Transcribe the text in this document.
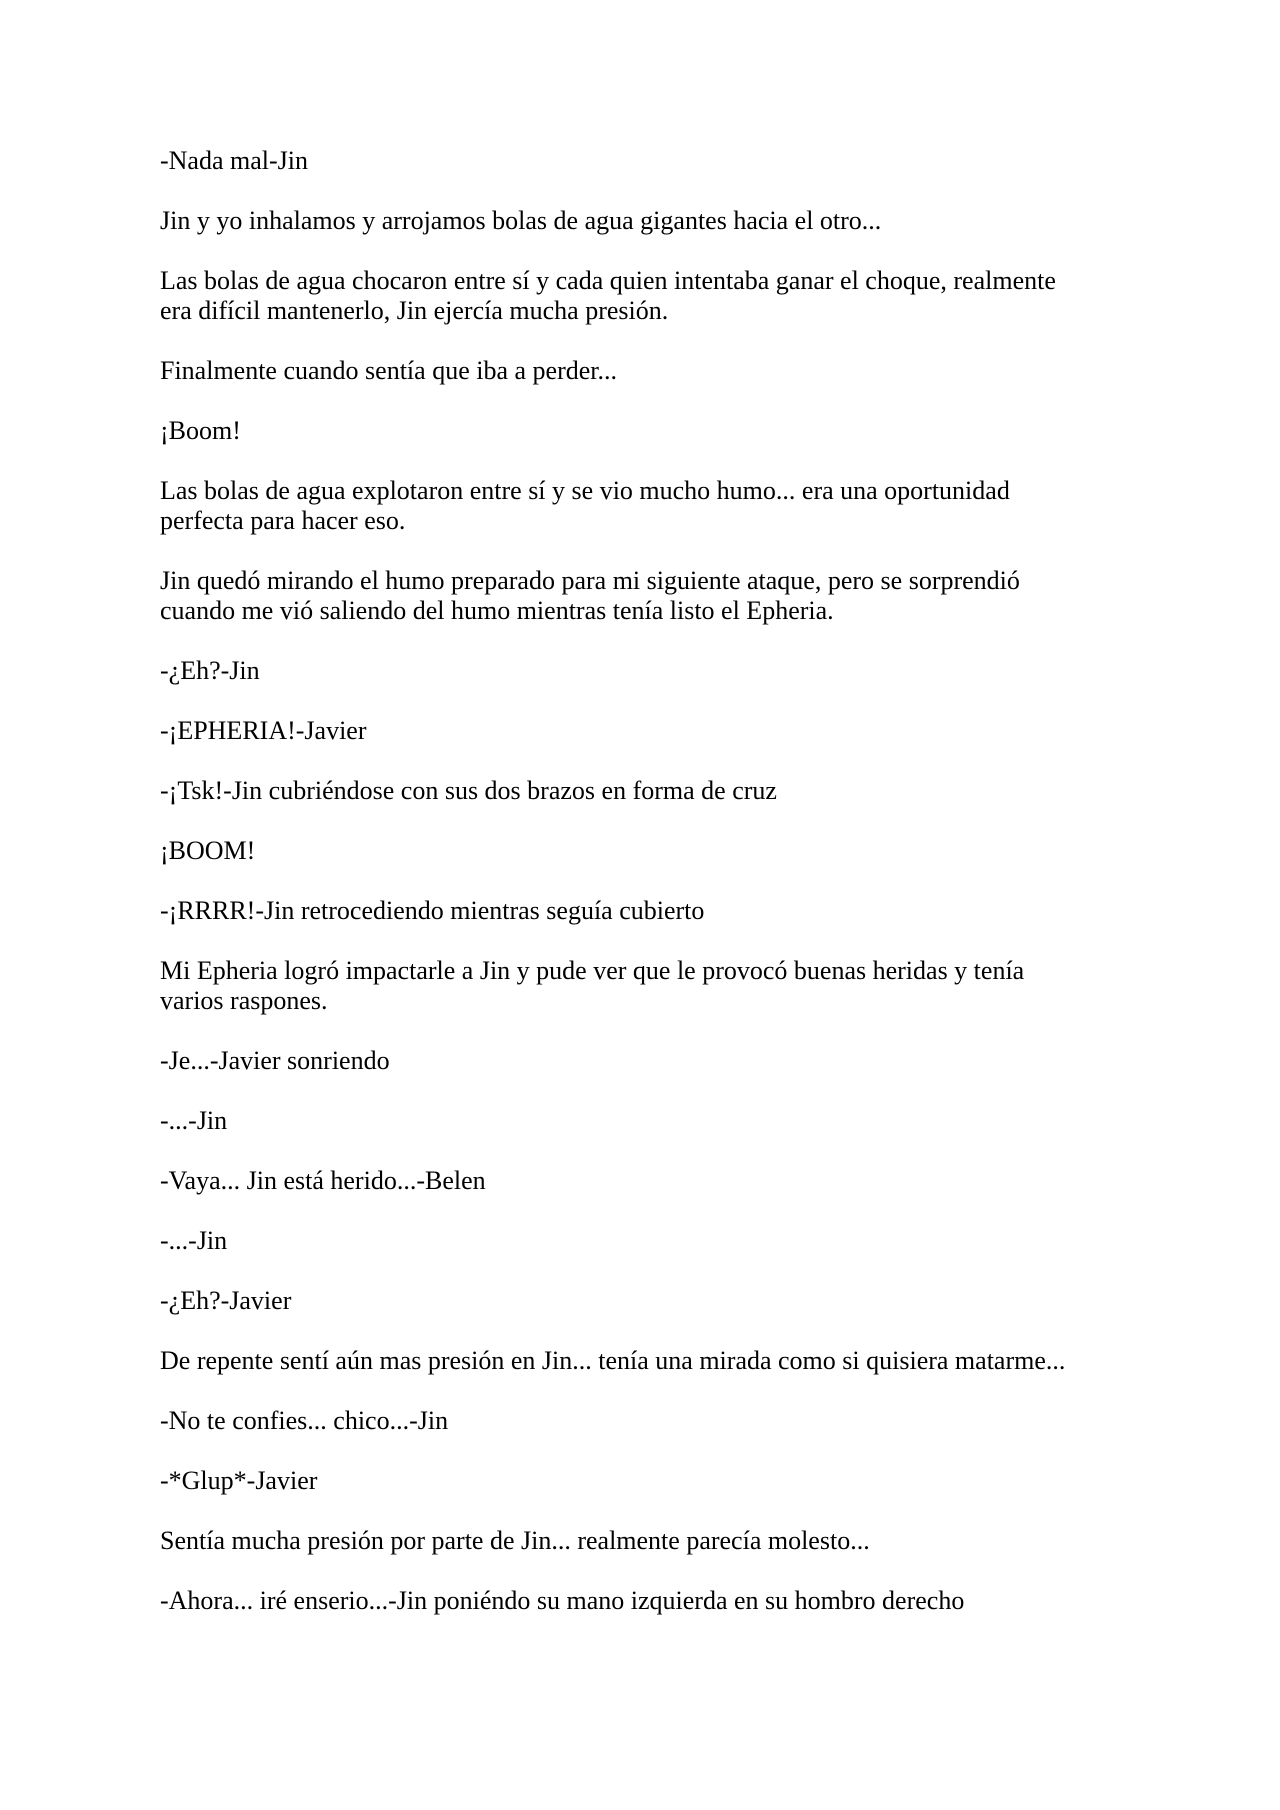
-Nada mal-Jin

Jin y yo inhalamos y arrojamos bolas de agua gigantes hacia el otro...

Las bolas de agua chocaron entre sí y cada quien intentaba ganar el choque, realmente
era difícil mantenerlo, Jin ejercía mucha presión.

Finalmente cuando sentía que iba a perder...

¡Boom!

Las bolas de agua explotaron entre sí y se vio mucho humo... era una oportunidad
perfecta para hacer eso.

Jin quedó mirando el humo preparado para mi siguiente ataque, pero se sorprendió
cuando me vió saliendo del humo mientras tenía listo el Epheria.

-¿Eh?-Jin

-¡EPHERIA!-Javier

-¡Tsk!-Jin cubriéndose con sus dos brazos en forma de cruz

¡BOOM!

-¡RRRR!-Jin retrocediendo mientras seguía cubierto

Mi Epheria logró impactarle a Jin y pude ver que le provocó buenas heridas y tenía
varios raspones.

-Je...-Javier sonriendo

-...-Jin

-Vaya... Jin está herido...-Belen

-...-Jin

-¿Eh?-Javier

De repente sentí aún mas presión en Jin... tenía una mirada como si quisiera matarme...

-No te confies... chico...-Jin

-*Glup*-Javier

Sentía mucha presión por parte de Jin... realmente parecía molesto...

-Ahora... iré enserio...-Jin poniéndo su mano izquierda en su hombro derecho
